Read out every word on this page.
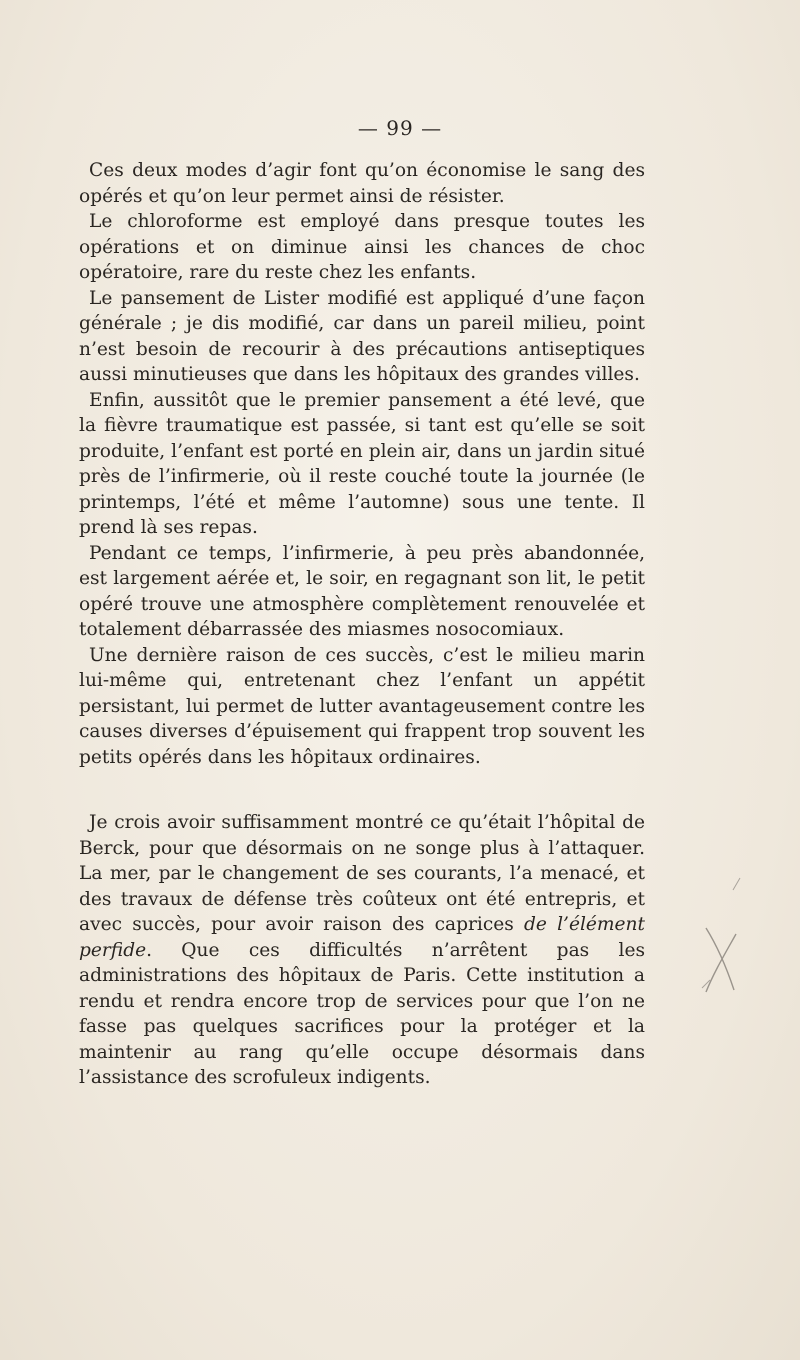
— 99 —

Ces deux modes d’agir font qu’on économise le sang des opérés et qu’on leur permet ainsi de résister.

Le chloroforme est employé dans presque toutes les opérations et on diminue ainsi les chances de choc opératoire, rare du reste chez les enfants.

Le pansement de Lister modifié est appliqué d’une façon générale ; je dis modifié, car dans un pareil milieu, point n’est besoin de recourir à des précautions antiseptiques aussi minutieuses que dans les hôpitaux des grandes villes.

Enfin, aussitôt que le premier pansement a été levé, que la fièvre traumatique est passée, si tant est qu’elle se soit produite, l’enfant est porté en plein air, dans un jardin situé près de l’infirmerie, où il reste couché toute la journée (le printemps, l’été et même l’automne) sous une tente. Il prend là ses repas.

Pendant ce temps, l’infirmerie, à peu près abandonnée, est largement aérée et, le soir, en regagnant son lit, le petit opéré trouve une atmosphère complètement renouvelée et totalement débarrassée des miasmes nosocomiaux.

Une dernière raison de ces succès, c’est le milieu marin lui-même qui, entretenant chez l’enfant un appétit persistant, lui permet de lutter avantageusement contre les causes diverses d’épuisement qui frappent trop souvent les petits opérés dans les hôpitaux ordinaires.

Je crois avoir suffisamment montré ce qu’était l’hôpital de Berck, pour que désormais on ne songe plus à l’attaquer. La mer, par le changement de ses courants, l’a menacé, et des travaux de défense très coûteux ont été entrepris, et avec succès, pour avoir raison des caprices de l’élément perfide. Que ces difficultés n’arrêtent pas les administrations des hôpitaux de Paris. Cette institution a rendu et rendra encore trop de services pour que l’on ne fasse pas quelques sacrifices pour la protéger et la maintenir au rang qu’elle occupe désormais dans l’assistance des scrofuleux indigents.
